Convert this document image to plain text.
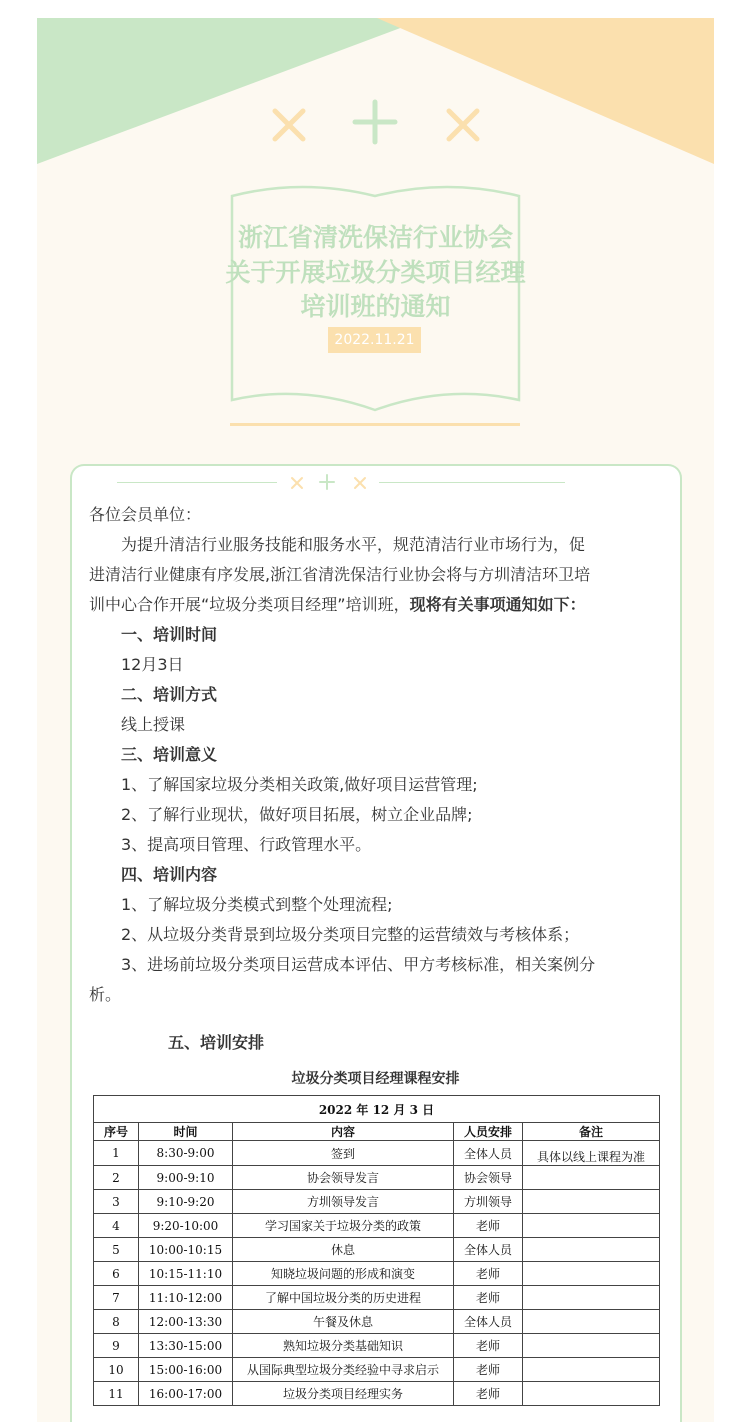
浙江省清洗保洁行业协会
关于开展垃圾分类项目经理
培训班的通知
2022.11.21
各位会员单位：
为提升清洁行业服务技能和服务水平，规范清洁行业市场行为，促
进清洁行业健康有序发展,浙江省清洗保洁行业协会将与方圳清洁环卫培
训中心合作开展“垃圾分类项目经理”培训班，现将有关事项通知如下：
一、培训时间
12月3日
二、培训方式
线上授课
三、培训意义
1、了解国家垃圾分类相关政策,做好项目运营管理;
2、了解行业现状，做好项目拓展，树立企业品牌;
3、提高项目管理、行政管理水平。
四、培训内容
1、了解垃圾分类模式到整个处理流程;
2、从垃圾分类背景到垃圾分类项目完整的运营绩效与考核体系；
3、进场前垃圾分类项目运营成本评估、甲方考核标准，相关案例分
析。
五、培训安排
垃圾分类项目经理课程安排
2022 年 12 月 3 日				
序号	时间	内容	人员安排	备注
1	8:30-9:00	签到	全体人员	具体以线上课程为准
2	9:00-9:10	协会领导发言	协会领导	
3	9:10-9:20	方圳领导发言	方圳领导	
4	9:20-10:00	学习国家关于垃圾分类的政策	老师	
5	10:00-10:15	休息	全体人员	
6	10:15-11:10	知晓垃圾问题的形成和演变	老师	
7	11:10-12:00	了解中国垃圾分类的历史进程	老师	
8	12:00-13:30	午餐及休息	全体人员	
9	13:30-15:00	熟知垃圾分类基础知识	老师	
10	15:00-16:00	从国际典型垃圾分类经验中寻求启示	老师	
11	16:00-17:00	垃圾分类项目经理实务	老师	
